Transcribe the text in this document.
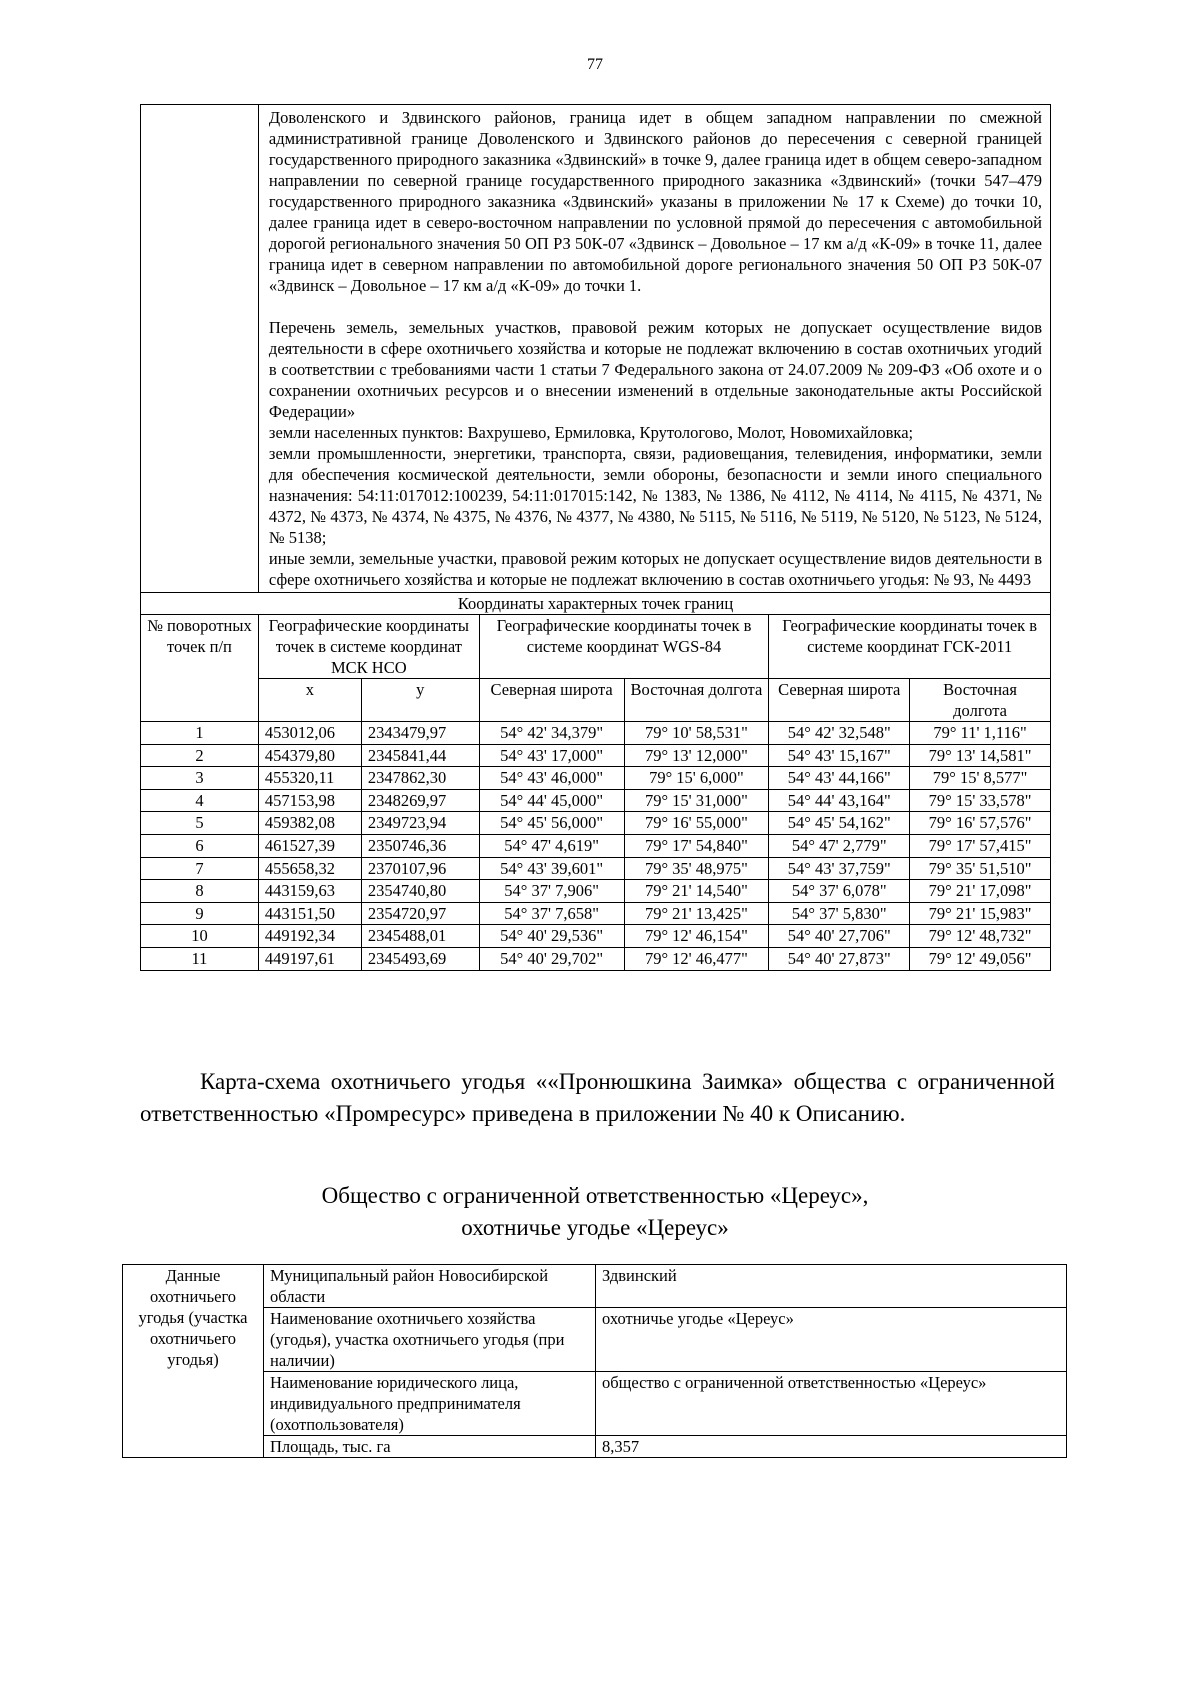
77

	Доволенского и Здвинского районов, граница идет в общем западном направлении по смежной административной границе Доволенского и Здвинского районов до пересечения с северной границей государственного природного заказника «Здвинский» в точке 9, далее граница идет в общем северо-западном направлении по северной границе государственного природного заказника «Здвинский» (точки 547–479 государственного природного заказника «Здвинский» указаны в приложении № 17 к Схеме) до точки 10, далее граница идет в северо-восточном направлении по условной прямой до пересечения с автомобильной дорогой регионального значения 50 ОП РЗ 50К-07 «Здвинск – Довольное – 17 км а/д «К-09» в точке 11, далее граница идет в северном направлении по автомобильной дороге регионального значения 50 ОП РЗ 50К-07 «Здвинск – Довольное – 17 км а/д «К-09» до точки 1.

Перечень земель, земельных участков, правовой режим которых не допускает осуществление видов деятельности в сфере охотничьего хозяйства и которые не подлежат включению в состав охотничьих угодий в соответствии с требованиями части 1 статьи 7 Федерального закона от 24.07.2009 № 209-ФЗ «Об охоте и о сохранении охотничьих ресурсов и о внесении изменений в отдельные законодательные акты Российской Федерации»

земли населенных пунктов: Вахрушево, Ермиловка, Крутологово, Молот, Новомихайловка;

земли промышленности, энергетики, транспорта, связи, радиовещания, телевидения, информатики, земли для обеспечения космической деятельности, земли обороны, безопасности и земли иного специального назначения: 54:11:017012:100239, 54:11:017015:142, № 1383, № 1386, № 4112, № 4114, № 4115, № 4371, № 4372, № 4373, № 4374, № 4375, № 4376, № 4377, № 4380, № 5115, № 5116, № 5119, № 5120, № 5123, № 5124, № 5138;

иные земли, земельные участки, правовой режим которых не допускает осуществление видов деятельности в сфере охотничьего хозяйства и которые не подлежат включению в состав охотничьего угодья: № 93, № 4493					

Координаты характерных точек границ						
№ поворотных точек п/п	Географические координаты точек в системе координат МСК НСО		Географические координаты точек в системе координат WGS-84		Географические координаты точек в системе координат ГСК-2011	
	x	y	Северная широта	Восточная долгота	Северная широта	Восточная долгота
1	453012,06	2343479,97	54° 42' 34,379"	79° 10' 58,531"	54° 42' 32,548"	79° 11' 1,116"
2	454379,80	2345841,44	54° 43' 17,000"	79° 13' 12,000"	54° 43' 15,167"	79° 13' 14,581"
3	455320,11	2347862,30	54° 43' 46,000"	79° 15' 6,000"	54° 43' 44,166"	79° 15' 8,577"
4	457153,98	2348269,97	54° 44' 45,000"	79° 15' 31,000"	54° 44' 43,164"	79° 15' 33,578"
5	459382,08	2349723,94	54° 45' 56,000"	79° 16' 55,000"	54° 45' 54,162"	79° 16' 57,576"
6	461527,39	2350746,36	54° 47' 4,619"	79° 17' 54,840"	54° 47' 2,779"	79° 17' 57,415"
7	455658,32	2370107,96	54° 43' 39,601"	79° 35' 48,975"	54° 43' 37,759"	79° 35' 51,510"
8	443159,63	2354740,80	54° 37' 7,906"	79° 21' 14,540"	54° 37' 6,078"	79° 21' 17,098"
9	443151,50	2354720,97	54° 37' 7,658"	79° 21' 13,425"	54° 37' 5,830"	79° 21' 15,983"
10	449192,34	2345488,01	54° 40' 29,536"	79° 12' 46,154"	54° 40' 27,706"	79° 12' 48,732"
11	449197,61	2345493,69	54° 40' 29,702"	79° 12' 46,477"	54° 40' 27,873"	79° 12' 49,056"
Карта-схема охотничьего угодья ««Пронюшкина Заимка» общества с ограниченной ответственностью «Промресурс» приведена в приложении № 40 к Описанию.
Общество с ограниченной ответственностью «Цереус»,
охотничье угодье «Цереус»
Данные охотничьего угодья (участка охотничьего угодья)	Муниципальный район Новосибирской области	Здвинский
	Наименование охотничьего хозяйства (угодья), участка охотничьего угодья (при наличии)	охотничье угодье «Цереус»
	Наименование юридического лица, индивидуального предпринимателя (охотпользователя)	общество с ограниченной ответственностью «Цереус»
	Площадь, тыс. га	8,357
